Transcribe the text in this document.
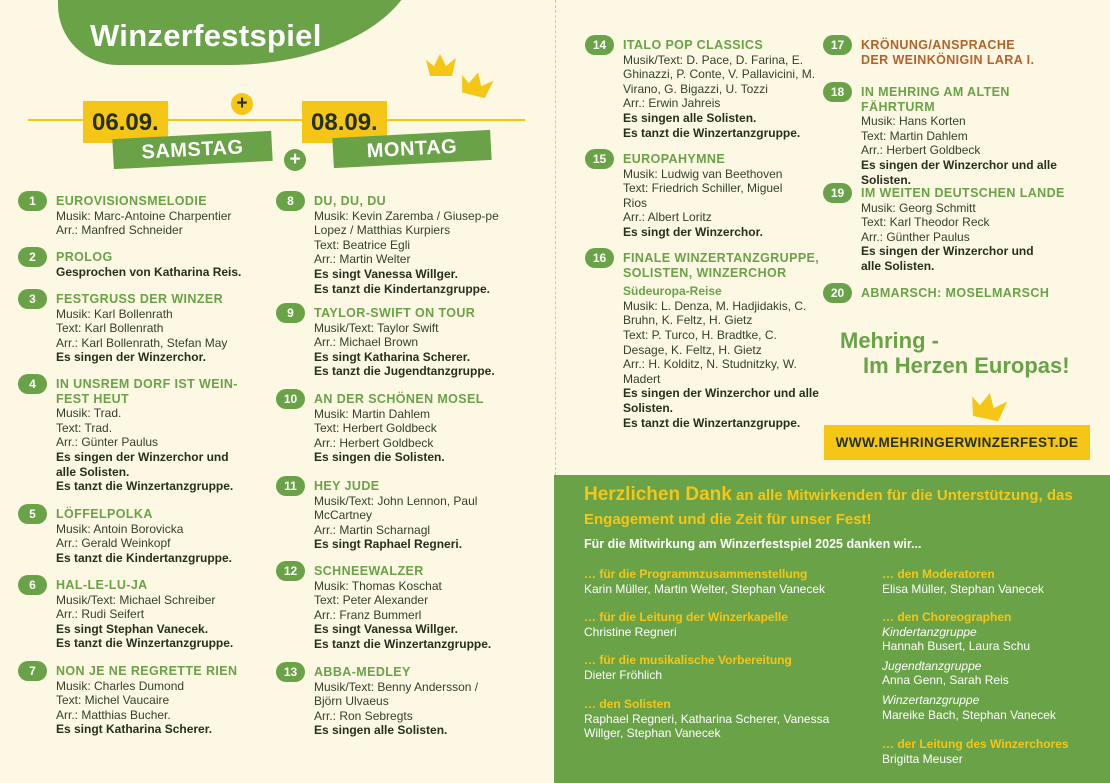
Winzerfestspiel
06.09.
SAMSTAG
+
08.09.
MONTAG
+
1	EUROVISIONSMELODIE
Musik: Marc-Antoine Charpentier
Arr.: Manfred Schneider
2	PROLOG
Gesprochen von Katharina Reis.
3	FESTGRUSS DER WINZER
Musik: Karl Bollenrath
Text: Karl Bollenrath
Arr.: Karl Bollenrath, Stefan May
Es singen der Winzerchor.
4	IN UNSREM DORF IST WEIN-FEST HEUT
Musik: Trad.
Text: Trad.
Arr.: Günter Paulus
Es singen der Winzerchor und alle Solisten.
Es tanzt die Winzertanzgruppe.
5	LÖFFELPOLKA
Musik: Antoin Borovicka
Arr.: Gerald Weinkopf
Es tanzt die Kindertanzgruppe.
6	HAL-LE-LU-JA
Musik/Text: Michael Schreiber
Arr.: Rudi Seifert
Es singt Stephan Vanecek.
Es tanzt die Winzertanzgruppe.
7	NON JE NE REGRETTE RIEN
Musik: Charles Dumond
Text: Michel Vaucaire
Arr.: Matthias Bucher.
Es singt Katharina Scherer.
8	DU, DU, DU
Musik: Kevin Zaremba / Giusep-pe Lopez / Matthias Kurpiers
Text: Beatrice Egli
Arr.: Martin Welter
Es singt Vanessa Willger.
Es tanzt die Kindertanzgruppe.
9	TAYLOR-SWIFT ON TOUR
Musik/Text: Taylor Swift
Arr.: Michael Brown
Es singt Katharina Scherer.
Es tanzt die Jugendtanzgruppe.
10	AN DER SCHÖNEN MOSEL
Musik: Martin Dahlem
Text: Herbert Goldbeck
Arr.: Herbert Goldbeck
Es singen die Solisten.
11	HEY JUDE
Musik/Text: John Lennon, Paul McCartney
Arr.: Martin Scharnagl
Es singt Raphael Regneri.
12	SCHNEEWALZER
Musik: Thomas Koschat
Text: Peter Alexander
Arr.: Franz Bummerl
Es singt Vanessa Willger.
Es tanzt die Winzertanzgruppe.
13	ABBA-MEDLEY
Musik/Text: Benny Andersson / Björn Ulvaeus
Arr.: Ron Sebregts
Es singen alle Solisten.
14	ITALO POP CLASSICS
Musik/Text: D. Pace, D. Farina, E. Ghinazzi, P. Conte, V. Pallavicini, M. Virano, G. Bigazzi, U. Tozzi
Arr.: Erwin Jahreis
Es singen alle Solisten.
Es tanzt die Winzertanzgruppe.
15	EUROPAHYMNE
Musik: Ludwig van Beethoven
Text: Friedrich Schiller, Miguel Rios
Arr.: Albert Loritz
Es singt der Winzerchor.
16	FINALE WINZERTANZGRUPPE, SOLISTEN, WINZERCHOR
Südeuropa-Reise
Musik: L. Denza, M. Hadjidakis, C. Bruhn, K. Feltz, H. Gietz
Text: P. Turco, H. Bradtke, C. Desage, K. Feltz, H. Gietz
Arr.: H. Kolditz, N. Studnitzky, W. Madert
Es singen der Winzerchor und alle Solisten.
Es tanzt die Winzertanzgruppe.
17	KRÖNUNG/ANSPRACHE DER WEINKÖNIGIN LARA I.
18	IN MEHRING AM ALTEN FÄHRTURM
Musik: Hans Korten
Text: Martin Dahlem
Arr.: Herbert Goldbeck
Es singen der Winzerchor und alle Solisten.
19	IM WEITEN DEUTSCHEN LANDE
Musik: Georg Schmitt
Text: Karl Theodor Reck
Arr.: Günther Paulus
Es singen der Winzerchor und alle Solisten.
20	ABMARSCH: MOSELMARSCH
Mehring -
Im Herzen Europas!
WWW.MEHRINGERWINZERFEST.DE
Herzlichen Dank an alle Mitwirkenden für die Unterstützung, das Engagement und die Zeit für unser Fest!
Für die Mitwirkung am Winzerfestspiel 2025 danken wir...
… für die Programmzusammenstellung
Karin Müller, Martin Welter, Stephan Vanecek
… für die Leitung der Winzerkapelle
Christine Regneri
… für die musikalische Vorbereitung
Dieter Fröhlich
… den Solisten
Raphael Regneri, Katharina Scherer, Vanessa Willger, Stephan Vanecek
… den Moderatoren
Elisa Müller, Stephan Vanecek
… den Choreographen
Kindertanzgruppe
Hannah Busert, Laura Schu
Jugendtanzgruppe
Anna Genn, Sarah Reis
Winzertanzgruppe
Mareike Bach, Stephan Vanecek
… der Leitung des Winzerchores
Brigitta Meuser
